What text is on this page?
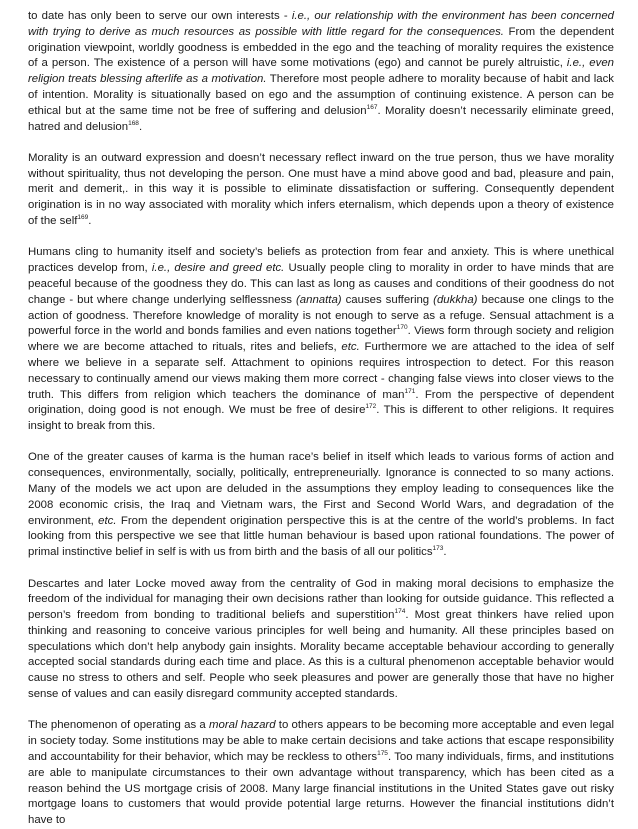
to date has only been to serve our own interests - i.e., our relationship with the environment has been concerned with trying to derive as much resources as possible with little regard for the consequences. From the dependent origination viewpoint, worldly goodness is embedded in the ego and the teaching of morality requires the existence of a person. The existence of a person will have some motivations (ego) and cannot be purely altruistic, i.e., even religion treats blessing afterlife as a motivation. Therefore most people adhere to morality because of habit and lack of intention. Morality is situationally based on ego and the assumption of continuing existence. A person can be ethical but at the same time not be free of suffering and delusion$^{167}$. Morality doesn’t necessarily eliminate greed, hatred and delusion$^{168}$.

Morality is an outward expression and doesn’t necessary reflect inward on the true person, thus we have morality without spirituality, thus not developing the person. One must have a mind above good and bad, pleasure and pain, merit and demerit,. in this way it is possible to eliminate dissatisfaction or suffering. Consequently dependent origination is in no way associated with morality which infers eternalism, which depends upon a theory of existence of the self$^{169}$.

Humans cling to humanity itself and society’s beliefs as protection from fear and anxiety. This is where unethical practices develop from, i.e., desire and greed etc. Usually people cling to morality in order to have minds that are peaceful because of the goodness they do. This can last as long as causes and conditions of their goodness do not change - but where change underlying selflessness (annatta) causes suffering (dukkha) because one clings to the action of goodness. Therefore knowledge of morality is not enough to serve as a refuge. Sensual attachment is a powerful force in the world and bonds families and even nations together$^{170}$. Views form through society and religion where we are become attached to rituals, rites and beliefs, etc. Furthermore we are attached to the idea of self where we believe in a separate self. Attachment to opinions requires introspection to detect. For this reason necessary to continually amend our views making them more correct - changing false views into closer views to the truth. This differs from religion which teachers the dominance of man$^{171}$. From the perspective of dependent origination, doing good is not enough. We must be free of desire$^{172}$. This is different to other religions. It requires insight to break from this.

One of the greater causes of karma is the human race’s belief in itself which leads to various forms of action and consequences, environmentally, socially, politically, entrepreneurially. Ignorance is connected to so many actions. Many of the models we act upon are deluded in the assumptions they employ leading to consequences like the 2008 economic crisis, the Iraq and Vietnam wars, the First and Second World Wars, and degradation of the environment, etc. From the dependent origination perspective this is at the centre of the world’s problems. In fact looking from this perspective we see that little human behaviour is based upon rational foundations. The power of primal instinctive belief in self is with us from birth and the basis of all our politics$^{173}$.

Descartes and later Locke moved away from the centrality of God in making moral decisions to emphasize the freedom of the individual for managing their own decisions rather than looking for outside guidance. This reflected a person’s freedom from bonding to traditional beliefs and superstition$^{174}$. Most great thinkers have relied upon thinking and reasoning to conceive various principles for well being and humanity. All these principles based on speculations which don’t help anybody gain insights. Morality became acceptable behaviour according to generally accepted social standards during each time and place. As this is a cultural phenomenon acceptable behavior would cause no stress to others and self. People who seek pleasures and power are generally those that have no higher sense of values and can easily disregard community accepted standards.

The phenomenon of operating as a moral hazard to others appears to be becoming more acceptable and even legal in society today. Some institutions may be able to make certain decisions and take actions that escape responsibility and accountability for their behavior, which may be reckless to others$^{175}$. Too many individuals, firms, and institutions are able to manipulate circumstances to their own advantage without transparency, which has been cited as a reason behind the US mortgage crisis of 2008. Many large financial institutions in the United States gave out risky mortgage loans to customers that would provide potential large returns. However the financial institutions didn’t have to
